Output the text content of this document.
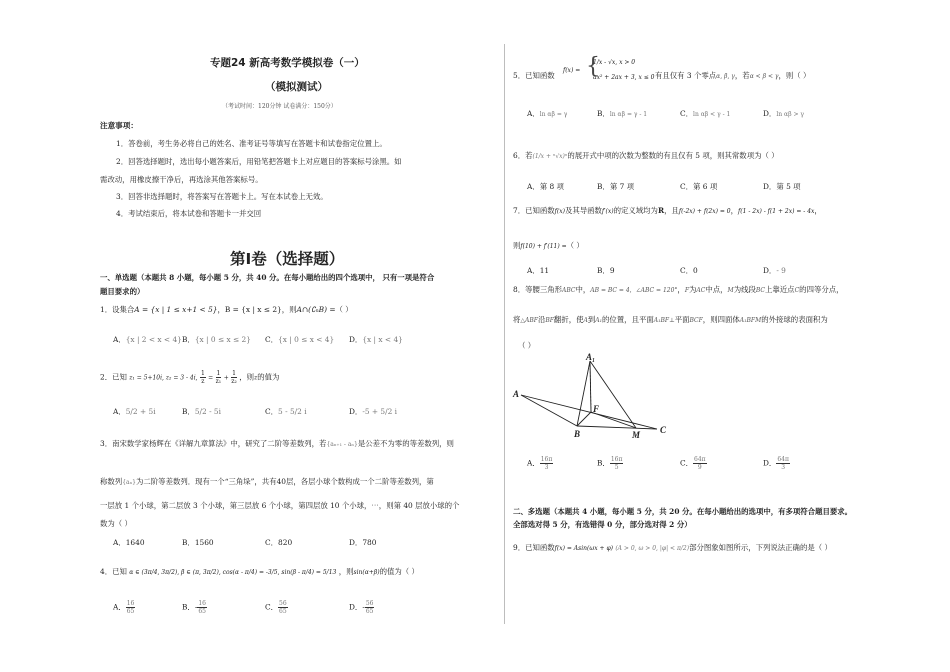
专题24 新高考数学模拟卷（一）
（模拟测试）
（考试时间：120分钟 试卷满分：150分）
注意事项：
1．答卷前，考生务必将自己的姓名、准考证号等填写在答题卡和试卷指定位置上。
2．回答选择题时，选出每小题答案后，用铅笔把答题卡上对应题目的答案标号涂黑。如
需改动，用橡皮擦干净后，再选涂其他答案标号。
3．回答非选择题时，将答案写在答题卡上。写在本试卷上无效。
4．考试结束后，将本试卷和答题卡一并交回
第Ⅰ卷（选择题）
一、单选题（本题共 8 小题，每小题 5 分，共 40 分。在每小题给出的四个选项中， 只有一项是符合
题目要求的）
1．设集合A = {x | 1 ≤ x+1 < 5}，B = {x | x ≤ 2}，则A∩(∁ₙB) =（ ）
A．{x | 2 < x < 4} B．{x | 0 ≤ x ≤ 2} C．{x | 0 ≤ x < 4} D．{x | x < 4}
2．已知 z₁ = 5+10i, z₂ = 3 - 4i, $\frac{1}{z} = \frac{1}{\text{z₁}} + \frac{1}{\text{z₂}}$ ，则z的值为
A．5/2 + 5i	B．5/2 - 5i	C．5 - 5/2 i	D．-5 + 5/2 i
3．南宋数学家杨辉在《详解九章算法》中，研究了二阶等差数列，若{aₙ₊₁ - aₙ}是公差不为零的等差数列，则
称数列{aₙ}为二阶等差数列．现有一个“三角垛”，共有40层，各层小球个数构成一个二阶等差数列，第
一层放 1 个小球，第二层放 3 个小球，第三层放 6 个小球，第四层放 10 个小球，⋯，则第 40 层放小球的个
数为（ ）
A．1640	B．1560	C．820	D．780
4．已知 α ∈ (3π/4, 3π/2), β ∈ (π, 3π/2), cos(α - π/4) = -3/5, sin(β - π/4) = 5/13 ，则sin(α+β)的值为（ ）
A． $\frac{16}{65}$	B．- $\frac{16}{65}$	C． $\frac{56}{65}$	D．- $\frac{56}{65}$
5．已知函数
f(x) = {
1/x - √x, x > 0
ax² + 2ax + 3, x ≤ 0 有且仅有 3 个零点α, β, γ，若α < β < γ，则（ ）
A．ln αβ = γ	B．ln αβ = γ - 1	C．ln αβ < γ - 1	D．ln αβ > γ
6．若(1/x + ⁿ√x)ⁿ的展开式中项的次数为整数的有且仅有 5 项，则其常数项为（ ）
A．第 8 项	B．第 7 项	C．第 6 项	D．第 5 项
7．已知函数f(x)及其导函数f′(x)的定义域均为R，且f(-2x) + f(2x) = 0，f(1 - 2x) - f(1 + 2x) = - 4x，
则f(10) + f′(11) =（ ）
A．11	B．9	C．0	D．- 9
8．等腰三角形ABC中，AB = BC = 4，∠ABC = 120°，F为AC中点，M为线段BC上靠近点C的四等分点，
将△ABF沿BF翻折，使A到A₁的位置，且平面A₁BF⊥平面BCF，则四面体A₁BFM的外接球的表面积为
（ ）
A₁
A
F
B	M C
A． $\frac{16\pi}{3}$	B． $\frac{16\pi}{5}$	C． $\frac{64\pi}{9}$	D． $\frac{64\pi}{3}$
二、多选题（本题共 4 小题，每小题 5 分，共 20 分。在每小题给出的选项中，有多项符合题目要求。
全部选对得 5 分，有选错得 0 分，部分选对得 2 分）
9．已知函数f(x) = Asin(ωx + φ) (A > 0, ω > 0, |φ| < π/2)部分图象如图所示，下列说法正确的是（ ）
